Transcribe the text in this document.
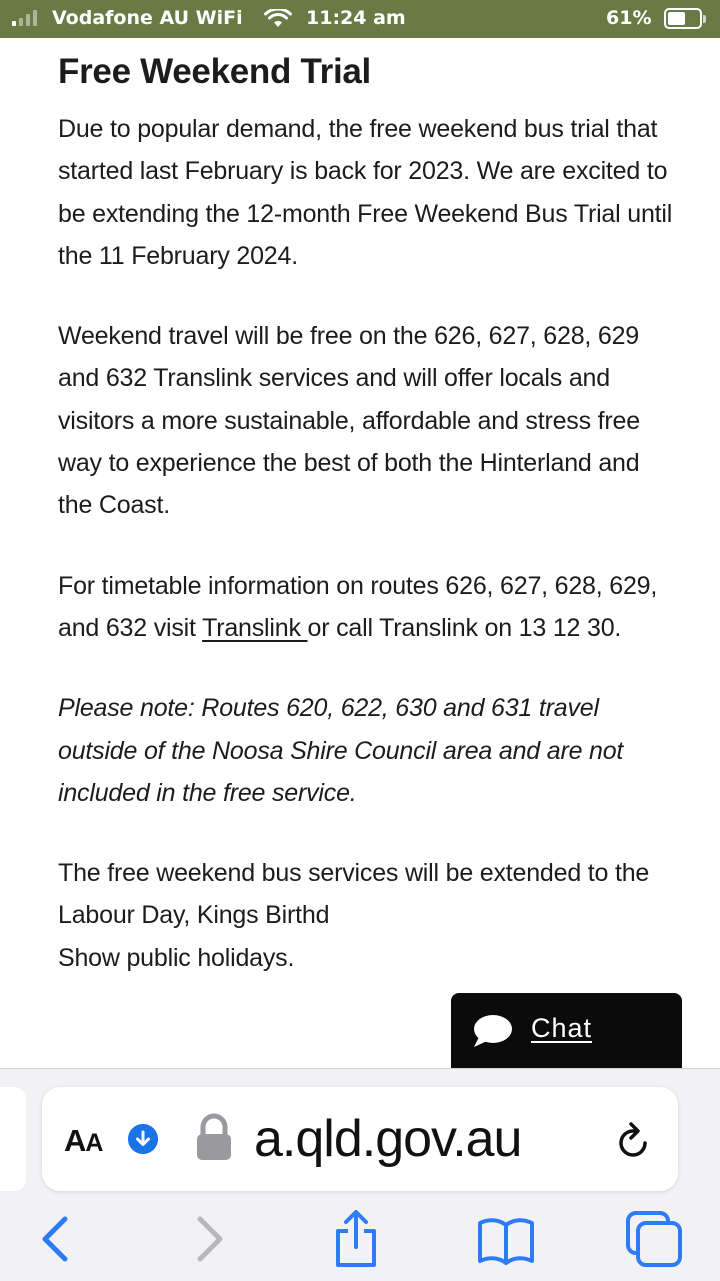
Vodafone AU WiFi	11:24 am	61%
Free Weekend Trial

Due to popular demand, the free weekend bus trial that started last February is back for 2023. We are excited to be extending the 12-month Free Weekend Bus Trial until the 11 February 2024.

Weekend travel will be free on the 626, 627, 628, 629 and 632 Translink services and will offer locals and visitors a more sustainable, affordable and stress free way to experience the best of both the Hinterland and the Coast.

For timetable information on routes 626, 627, 628, 629, and 632 visit Translink or call Translink on 13 12 30.

Please note: Routes 620, 622, 630 and 631 travel outside of the Noosa Shire Council area and are not included in the free service.

The free weekend bus services will be extended to the Labour Day, Kings Birthd
Show public holidays.

Chat
AA	a.qld.gov.au
